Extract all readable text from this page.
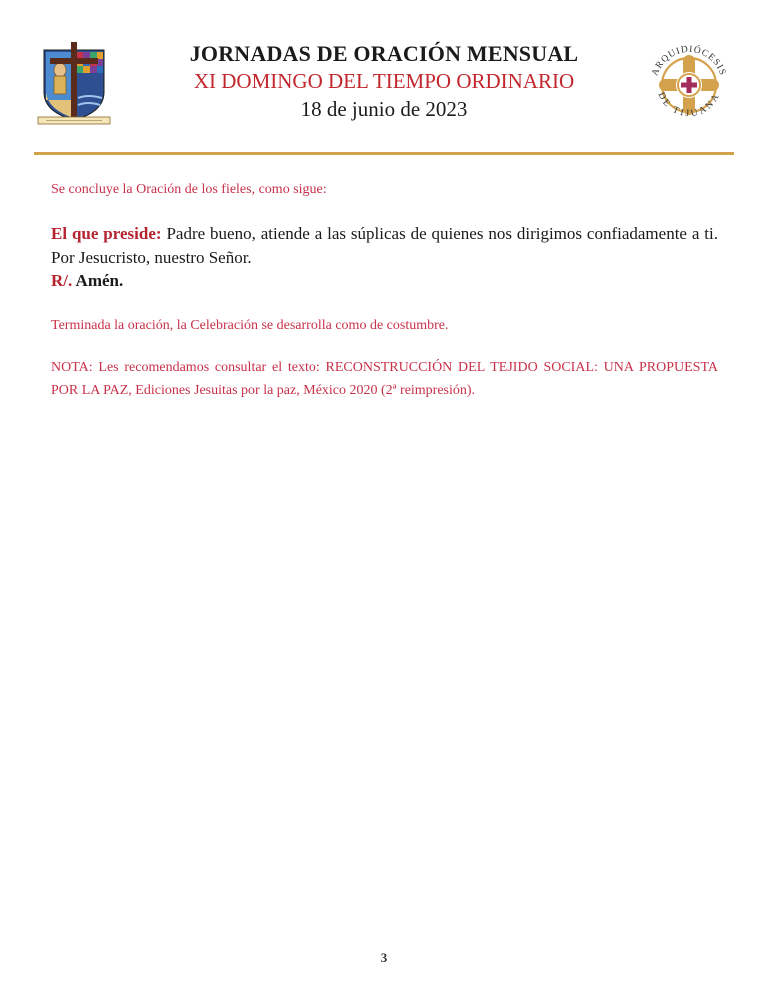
JORNADAS DE ORACIÓN MENSUAL
XI DOMINGO DEL TIEMPO ORDINARIO
18 de junio de 2023
ARQUIDIÓCESIS
DE TIJUANA

Se concluye la Oración de los fieles, como sigue:

El que preside: Padre bueno, atiende a las súplicas de quienes nos dirigimos confiadamente a ti. Por Jesucristo, nuestro Señor.
R/. Amén.

Terminada la oración, la Celebración se desarrolla como de costumbre.

NOTA: Les recomendamos consultar el texto: RECONSTRUCCIÓN DEL TEJIDO SOCIAL: UNA PROPUESTA POR LA PAZ, Ediciones Jesuitas por la paz, México 2020 (2ª reimpresión).

3
